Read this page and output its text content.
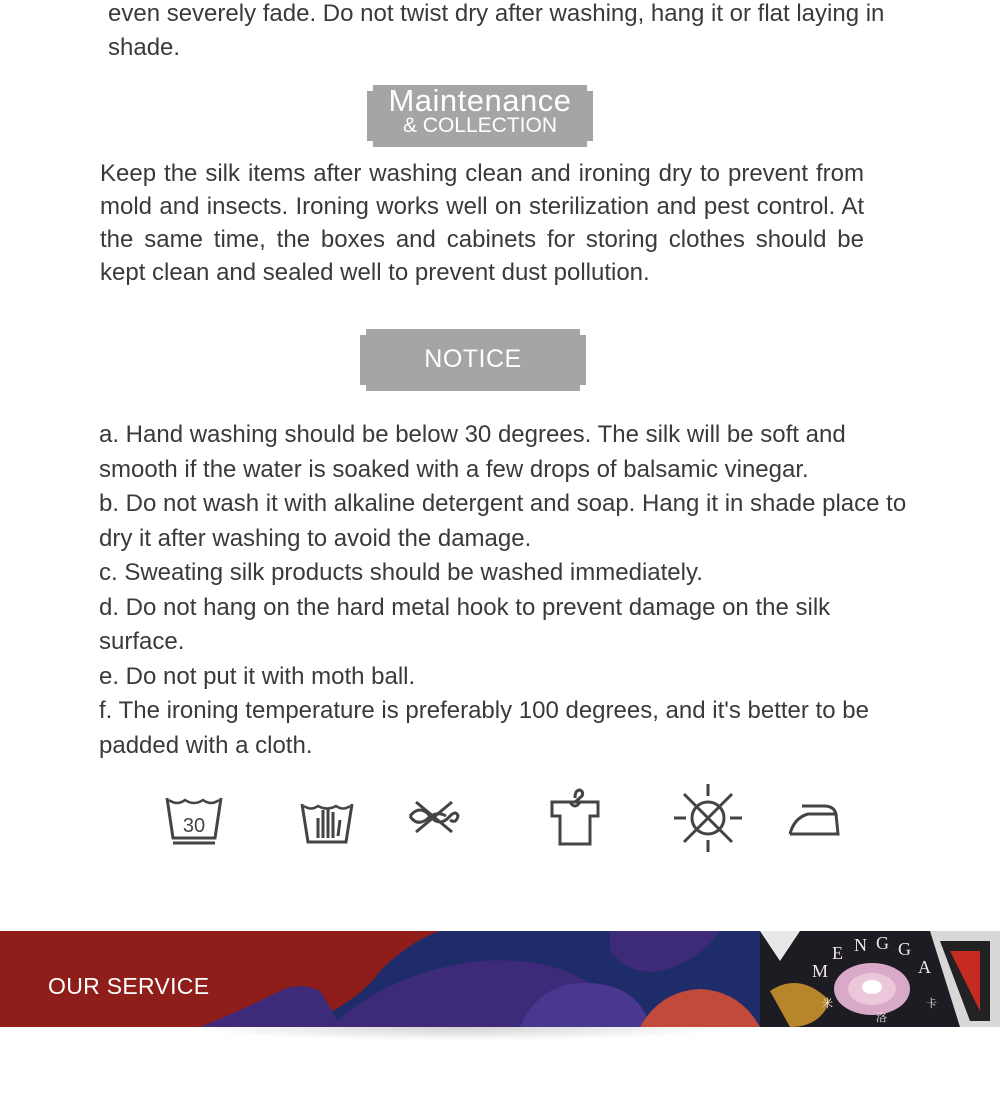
even severely fade. Do not twist dry after washing, hang it or flat laying in shade.

Maintenance
& COLLECTION

Keep the silk items after washing clean and ironing dry to prevent from mold and insects. Ironing works well on sterilization and pest control. At the same time, the boxes and cabinets for storing clothes should be kept clean and sealed well to prevent dust pollution.

NOTICE

a. Hand washing should be below 30 degrees. The silk will be soft and smooth if the water is soaked with a few drops of balsamic vinegar.

b. Do not wash it with alkaline detergent and soap. Hang it in shade place to dry it after washing to avoid the damage.

c. Sweating silk products should be washed immediately.

d. Do not hang on the hard metal hook to prevent damage on the silk surface.

e. Do not put it with moth ball.

f. The ironing temperature is preferably 100 degrees, and it's better to be padded with a cloth.

30
OUR SERVICE
M
E N G G
A
米
洛
卡
